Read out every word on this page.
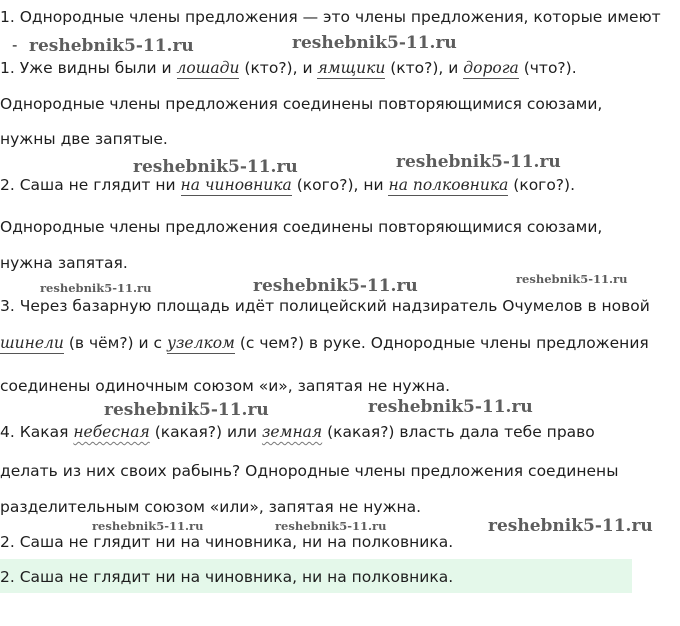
1. Однородные члены предложения — это члены предложения, которые имеют
-
1. Уже видны были и лошади (кто?), и ямщики (кто?), и дорога (что?).
Однородные члены предложения соединены повторяющимися союзами,
нужны две запятые.
2. Саша не глядит ни на чиновника (кого?), ни на полковника (кого?).
Однородные члены предложения соединены повторяющимися союзами,
нужна запятая.
3. Через базарную площадь идёт полицейский надзиратель Очумелов в новой
шинели (в чём?) и с узелком (с чем?) в руке. Однородные члены предложения
соединены одиночным союзом «и», запятая не нужна.
4. Какая небесная (какая?) или земная (какая?) власть дала тебе право
делать из них своих рабынь? Однородные члены предложения соединены
разделительным союзом «или», запятая не нужна.
2. Саша не глядит ни на чиновника, ни на полковника.
2. Саша не глядит ни на чиновника, ни на полковника.
reshebnik5-11.ru	reshebnik5-11.ru
reshebnik5-11.ru	reshebnik5-11.ru
reshebnik5-11.ru	reshebnik5-11.ru	reshebnik5-11.ru
reshebnik5-11.ru	reshebnik5-11.ru
reshebnik5-11.ru	reshebnik5-11.ru	reshebnik5-11.ru
